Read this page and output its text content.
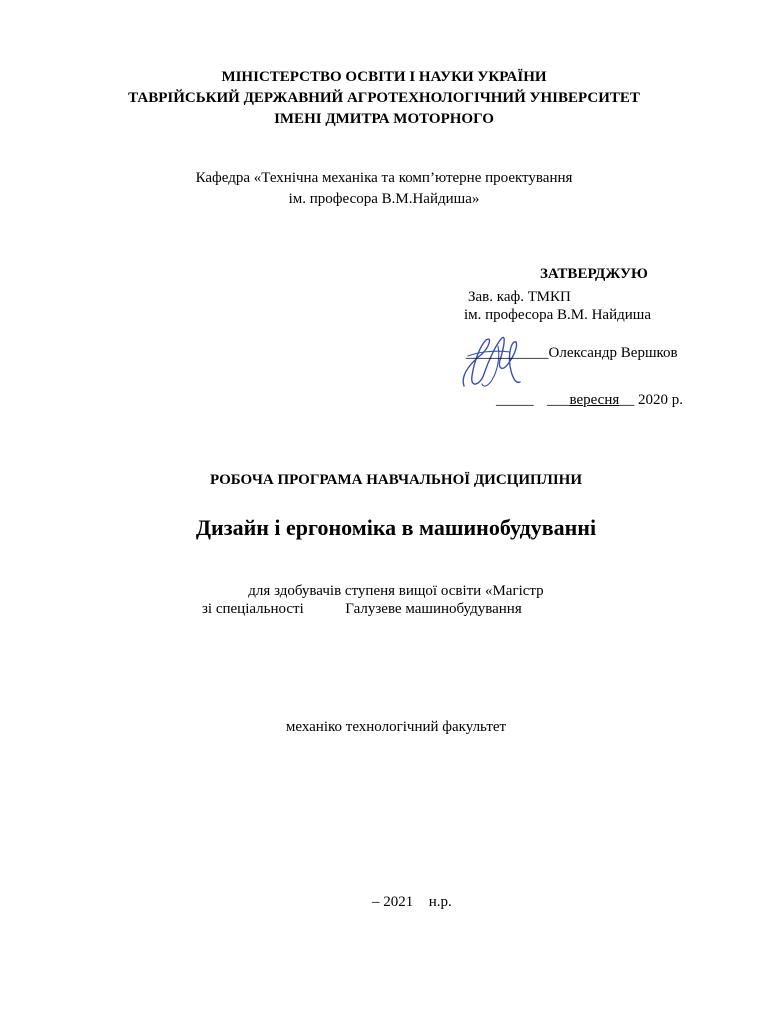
МІНІСТЕРСТВО ОСВІТИ І НАУКИ УКРАЇНИ
ТАВРІЙСЬКИЙ ДЕРЖАВНИЙ АГРОТЕХНОЛОГІЧНИЙ УНІВЕРСИТЕТ
ІМЕНІ ДМИТРА МОТОРНОГО
Кафедра «Технічна механіка та комп’ютерне проектування
ім. професора В.М.Найдиша»
ЗАТВЕРДЖУЮ
Зав. каф. ТМКП
ім. професора В.М. Найдиша
___________Олександр Вершков
_____ ___вересня__ 2020 р.
РОБОЧА ПРОГРАМА НАВЧАЛЬНОЇ ДИСЦИПЛІНИ
Дизайн і ергономіка в машинобудуванні
для здобувачів ступеня вищої освіти «Магістр
зі спеціальності	Галузеве машинобудування
механіко технологічний факультет
– 2021 н.р.
